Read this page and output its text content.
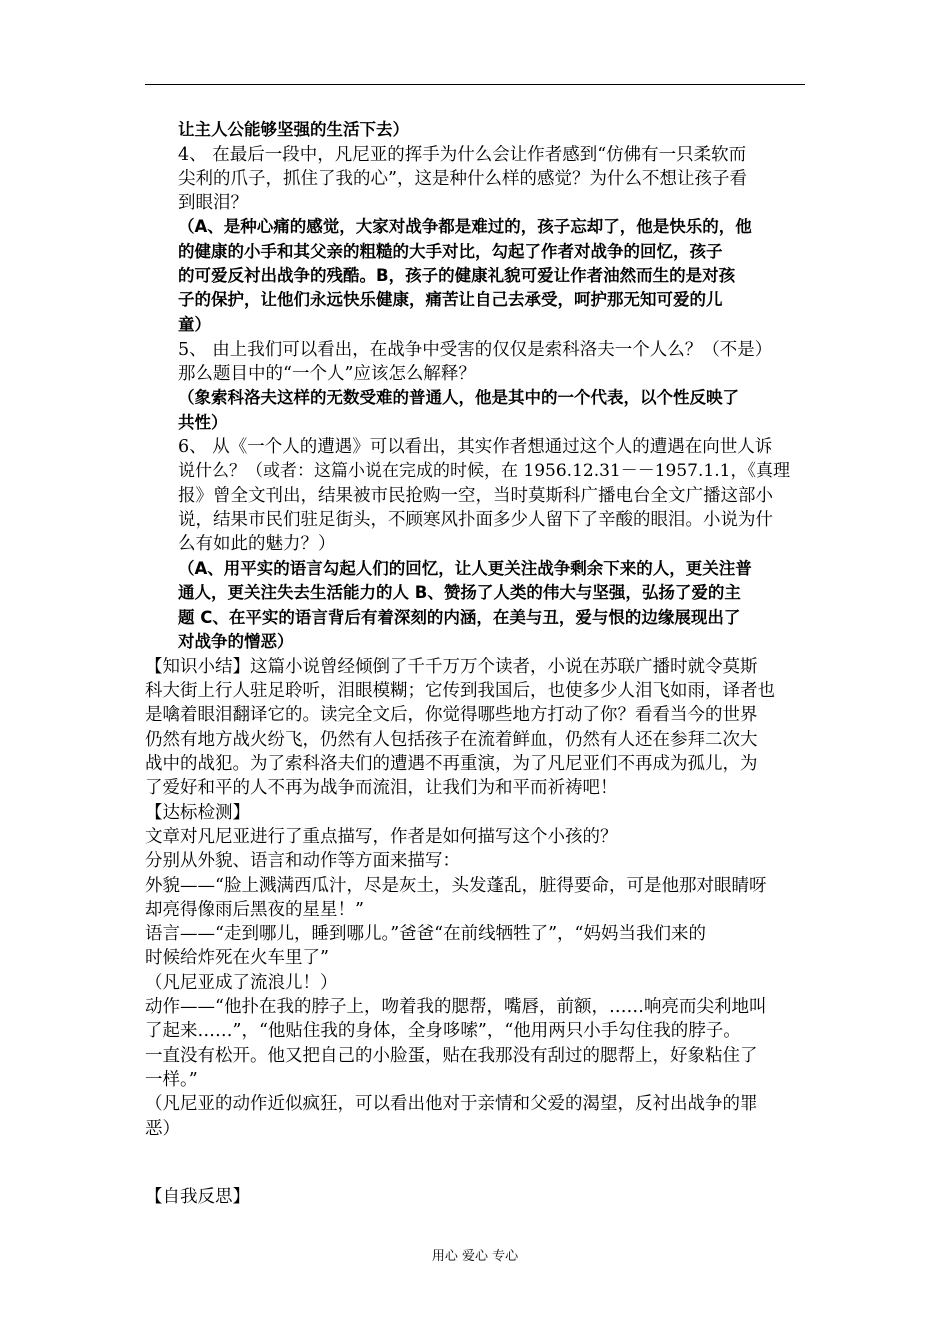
让主人公能够坚强的生活下去）
4、 在最后一段中，凡尼亚的挥手为什么会让作者感到“仿佛有一只柔软而
尖利的爪子，抓住了我的心”，这是种什么样的感觉？为什么不想让孩子看
到眼泪？
（A、是种心痛的感觉，大家对战争都是难过的，孩子忘却了，他是快乐的，他
的健康的小手和其父亲的粗糙的大手对比，勾起了作者对战争的回忆，孩子
的可爱反衬出战争的残酷。B，孩子的健康礼貌可爱让作者油然而生的是对孩
子的保护，让他们永远快乐健康，痛苦让自己去承受，呵护那无知可爱的儿
童）
5、 由上我们可以看出，在战争中受害的仅仅是索科洛夫一个人么？（不是）
那么题目中的“一个人”应该怎么解释？
（象索科洛夫这样的无数受难的普通人，他是其中的一个代表，以个性反映了
共性）
6、 从《一个人的遭遇》可以看出，其实作者想通过这个人的遭遇在向世人诉
说什么？（或者：这篇小说在完成的时候，在 1956.12.31－－1957.1.1，《真理
报》曾全文刊出，结果被市民抢购一空，当时莫斯科广播电台全文广播这部小
说，结果市民们驻足街头，不顾寒风扑面多少人留下了辛酸的眼泪。小说为什
么有如此的魅力？）
（A、用平实的语言勾起人们的回忆，让人更关注战争剩余下来的人，更关注普
通人，更关注失去生活能力的人 B、赞扬了人类的伟大与坚强，弘扬了爱的主
题 C、在平实的语言背后有着深刻的内涵，在美与丑，爱与恨的边缘展现出了
对战争的憎恶）
【知识小结】这篇小说曾经倾倒了千千万万个读者，小说在苏联广播时就令莫斯
科大街上行人驻足聆听，泪眼模糊；它传到我国后，也使多少人泪飞如雨，译者也
是噙着眼泪翻译它的。读完全文后，你觉得哪些地方打动了你？看看当今的世界
仍然有地方战火纷飞，仍然有人包括孩子在流着鲜血，仍然有人还在参拜二次大
战中的战犯。为了索科洛夫们的遭遇不再重演，为了凡尼亚们不再成为孤儿，为
了爱好和平的人不再为战争而流泪，让我们为和平而祈祷吧！
【达标检测】
文章对凡尼亚进行了重点描写，作者是如何描写这个小孩的？
分别从外貌、语言和动作等方面来描写：
外貌——“脸上溅满西瓜汁，尽是灰土，头发蓬乱，脏得要命，可是他那对眼睛呀
却亮得像雨后黑夜的星星！”
语言——“走到哪儿，睡到哪儿。”爸爸“在前线牺牲了”，“妈妈当我们来的
时候给炸死在火车里了”
（凡尼亚成了流浪儿！）
动作——“他扑在我的脖子上，吻着我的腮帮，嘴唇，前额，……响亮而尖利地叫
了起来……”，“他贴住我的身体，全身哆嗦”，“他用两只小手勾住我的脖子。
一直没有松开。他又把自己的小脸蛋，贴在我那没有刮过的腮帮上，好象粘住了
一样。”
（凡尼亚的动作近似疯狂，可以看出他对于亲情和父爱的渴望，反衬出战争的罪
恶）
【自我反思】
用心 爱心 专心
